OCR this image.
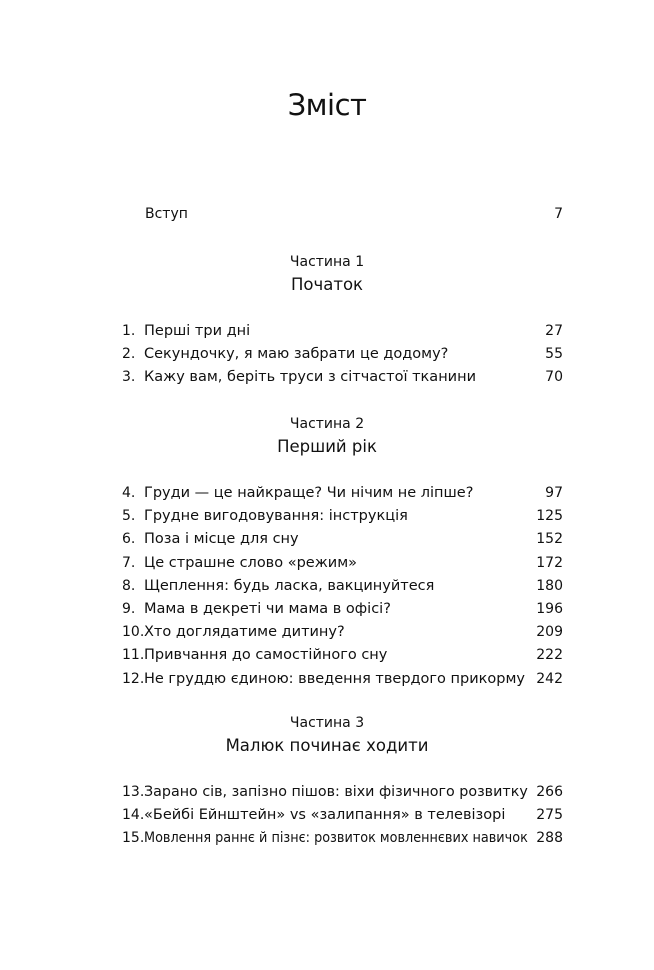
Зміст
Вступ	7
Частина 1
Початок
1. Перші три дні	27
2. Секундочку, я маю забрати це додому?	55
3. Кажу вам, беріть труси з сітчастої тканини	70
Частина 2
Перший рік
4. Груди — це найкраще? Чи нічим не ліпше?	97
5. Грудне вигодовування: інструкція	125
6. Поза і місце для сну	152
7. Це страшне слово «режим»	172
8. Щеплення: будь ласка, вакцинуйтеся	180
9. Мама в декреті чи мама в офісі?	196
10. Хто доглядатиме дитину?	209
11. Привчання до самостійного сну	222
12. Не груддю єдиною: введення твердого прикорму 242
Частина 3
Малюк починає ходити
13. Зарано сів, запізно пішов: віхи фізичного розвитку 266
14. «Бейбі Ейнштейн» vs «залипання» в телевізорі 275
15. Мовлення раннє й пізнє: розвиток мовленнєвих навичок 288
